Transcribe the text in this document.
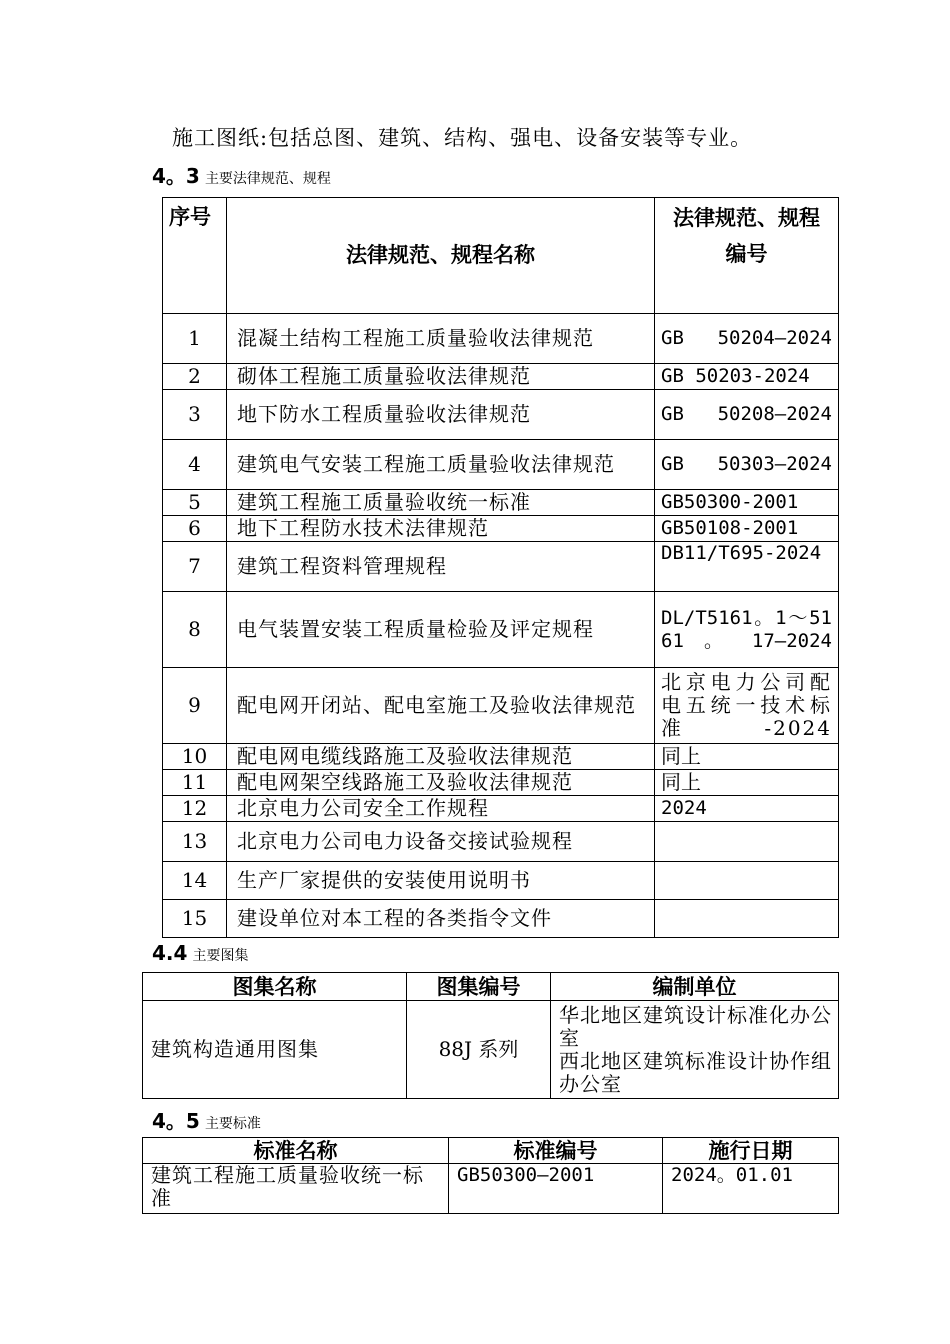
施工图纸:包括总图、建筑、结构、强电、设备安装等专业。
4。3 主要法律规范、规程
序号	法律规范、规程名称	法律规范、规程编号
1	混凝土结构工程施工质量验收法律规范	GB 50204—2024
2	砌体工程施工质量验收法律规范	GB 50203-2024
3	地下防水工程质量验收法律规范	GB 50208—2024
4	建筑电气安装工程施工质量验收法律规范	GB 50303—2024
5	建筑工程施工质量验收统一标准	GB50300-2001
6	地下工程防水技术法律规范	GB50108-2001
7	建筑工程资料管理规程	DB11/T695-2024
8	电气装置安装工程质量检验及评定规程	DL/T5161。1～5161 。 17—2024
9	配电网开闭站、配电室施工及验收法律规范	北京电力公司配电五统一技术标准-2024
10	配电网电缆线路施工及验收法律规范	同上
11	配电网架空线路施工及验收法律规范	同上
12	北京电力公司安全工作规程	2024
13	北京电力公司电力设备交接试验规程	
14	生产厂家提供的安装使用说明书	
15	建设单位对本工程的各类指令文件	
4.4 主要图集
图集名称	图集编号	编制单位
建筑构造通用图集	88J 系列	华北地区建筑设计标准化办公室
西北地区建筑标准设计协作组办公室
4。5 主要标准
标准名称	标准编号	施行日期
建筑工程施工质量验收统一标准	GB50300—2001	2024。01.01
